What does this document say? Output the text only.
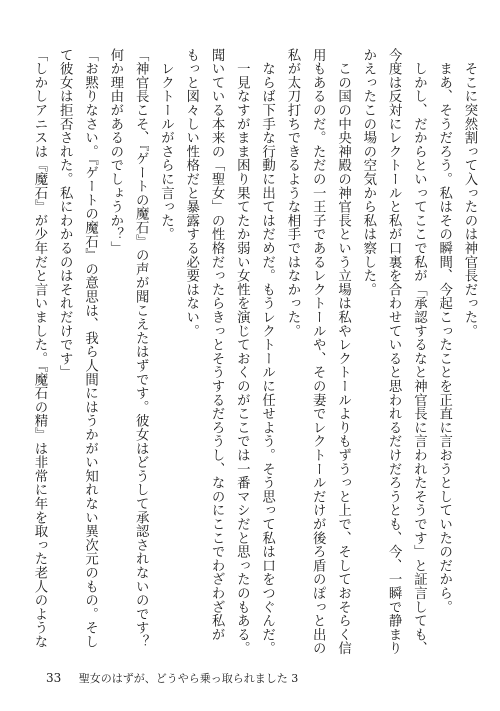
　そこに突然割って入ったのは神官長だった。

　まあ、そうだろう。私はその瞬間、今起こったことを正直に言おうとしていたのだから。

　しかし、だからといってここで私が「承認するなと神官長に言われたそうです」と証言しても、

今度は反対にレクトールと私が口裏を合わせていると思われるだけだろうとも、今、一瞬で静まり

かえったこの場の空気から私は察した。

　この国の中央神殿の神官長という立場は私やレクトールよりもずうっと上で、そしておそらく信

用もあるのだ。ただの一王子であるレクトールや、その妻でレクトールだけが後ろ盾のぽっと出の

私が太刀打ちできるような相手ではなかった。

　ならば下手な行動に出てはだめだ。もうレクトールに任せよう。そう思って私は口をつぐんだ。

　一見なすがまま困り果てたか弱い女性を演じておくのがここでは一番マシだと思ったのもある。

聞いている本来の「聖女」の性格だったらきっとそうするだろうし、なのにここでわざわざ私が

もっと図々しい性格だと暴露する必要はない。

　レクトールがさらに言った。

「神官長こそ、『ゲートの魔石』の声が聞こえたはずです。彼女はどうして承認されないのです？

何か理由があるのでしょうか？」

「お黙りなさい。『ゲートの魔石』の意思は、我ら人間にはうかがい知れない異次元のもの。そし

て彼女は拒否された。私にわかるのはそれだけです」

「しかしアニスは『魔石』が少年だと言いました。『魔石の精』は非常に年を取った老人のような

33 聖女のはずが、どうやら乗っ取られました 3
